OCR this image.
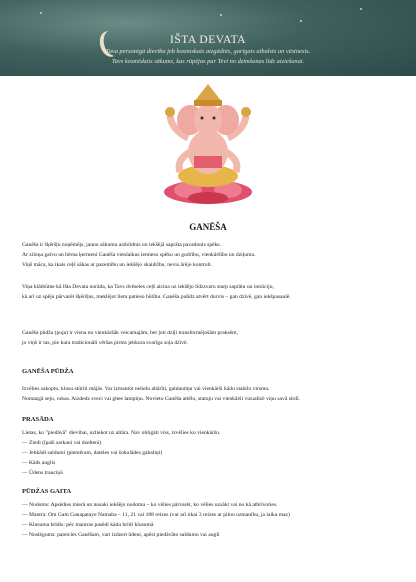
IŠTA DEVATA
Tava personīgā dievība jeb kosmiskais aizgādnis, garīgais atbalsts un vēstnesis.
Tavs kosmiskais sākums, kas rūpējas par Tevi no dzimšanas līdz aiziešanai.
GANĒŠA
Ganēša ir šķēršļu noņēmējs, jaunu sākumu aizbildnis un iekšējā saprāta pavadonis spēks.
Ar ziloņa galvu un bērna ķermeni Ganēša vienlaikus iemieso spēku un gudrību, vienkāršību un dziļumu.
Viņš māca, ka ikais ceļš sākas ar pazemību un iekšējo skaidrību, nevis ārējo kontroli.
Viņa klātbūtne kā Išta Devata norāda, ka Tavs dvēseles ceļš aicina uz iekšējo līdzsvaru starp saprātu un intuīciju,
kā arī uz spēju pārvarēt šķēršļus, meklējot lietu patieso būtību. Ganēša palīdz atvērt durvis – gan dzīvē, gan iekšpasaulē.
Ganēša pūdža (puja) ir viena no vienkāršāk veicamajām, bet ļoti dziļi transformējošām praksēm,
jo viņš ir tas, pie kura tradicionāli vēršas pirms jebkura svarīga soļa dzīvē.
GANĒŠA PŪDŽA
Izvēlies sakoptu, klusu stūrīti mājās. Var izmantot nelielu altārīti, galdautiņu vai vienkārši kādu stabilu virsmu.
Nomazgā seju, rokas. Aizdedz sveci vai ghee lampiņu. Novieto Ganēša attēlu, statuju vai vienkārši vizualizē viņu savā sirdī.
PRASĀDA
Lietas, ko "piedāvā" dievībai, uzliekot uz altāra. Nav obligāti viss, izvēlies ko vienkāršu.
— Ziedi (īpaši sarkani vai dzelteni)
— Jebkādi saldumi (piemēram, dateles vai šokolādes gabaliņi)
— Kāds auglis
— Ūdens trauciņā
PŪDŽAS GAITA
— Nodoms: Apsēdies mierā un nosaki iekšējo nodomu – ko vēlies pārvarēt, ko vēlies uzsākt vai no kā atbrīvoties.
— Mantra: Om Gam Ganapataye Namaha – 11, 21 vai 108 reizes (var arī tikai 3 reizes ar pilnu uzmanību, ja laika maz)
— Klusuma brīdis: pēc mantras pasēdi kādu brīdi klusumā
— Noslēgums: pateicies Ganēšam, vari izdzert ūdeni, apēst piedāvāto saldumu vai augli
